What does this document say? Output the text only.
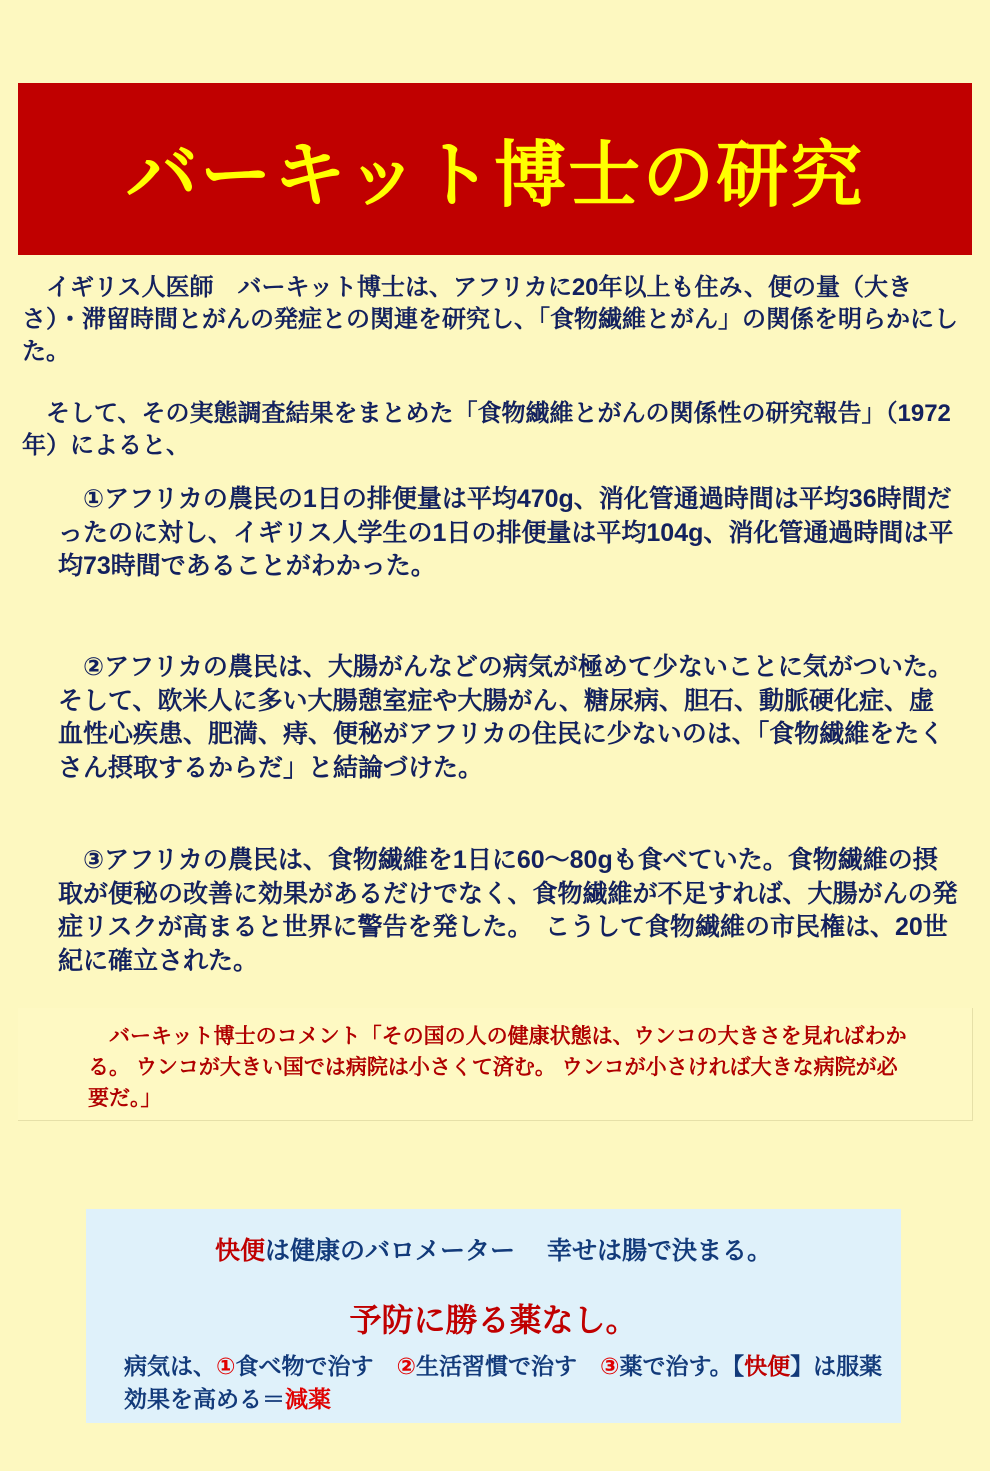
バーキット博士の研究

　イギリス人医師　バーキット博士は、アフリカに20年以上も住み、便の量（大きさ）・滞留時間とがんの発症との関連を研究し、「食物繊維とがん」の関係を明らかにした。

　そして、その実態調査結果をまとめた「食物繊維とがんの関係性の研究報告」（1972年）によると、

　①アフリカの農民の1日の排便量は平均470g、消化管通過時間は平均36時間だったのに対し、イギリス人学生の1日の排便量は平均104g、消化管通過時間は平均73時間であることがわかった。

　②アフリカの農民は、大腸がんなどの病気が極めて少ないことに気がついた。 そして、欧米人に多い大腸憩室症や大腸がん、糖尿病、胆石、動脈硬化症、虚血性心疾患、肥満、痔、便秘がアフリカの住民に少ないのは、「食物繊維をたくさん摂取するからだ」と結論づけた。

　③アフリカの農民は、食物繊維を1日に60～80gも食べていた。食物繊維の摂取が便秘の改善に効果があるだけでなく、食物繊維が不足すれば、大腸がんの発症リスクが高まると世界に警告を発した。　こうして食物繊維の市民権は、20世紀に確立された。

　バーキット博士のコメント「その国の人の健康状態は、ウンコの大きさを見ればわかる。 ウンコが大きい国では病院は小さくて済む。 ウンコが小さければ大きな病院が必要だ。」

快便は健康のバロメーター　 幸せは腸で決まる。
予防に勝る薬なし。

病気は、①食べ物で治す　②生活習慣で治す　③薬で治す。【快便】は服薬効果を高める＝減薬
